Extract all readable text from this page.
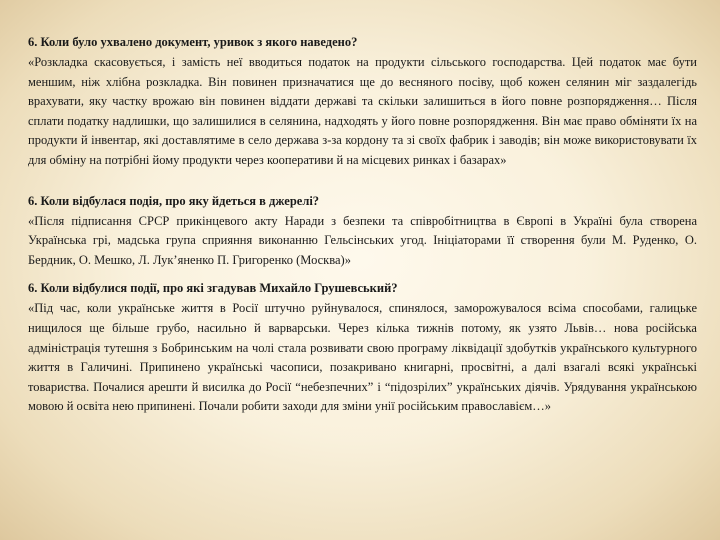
6. Коли було ухвалено документ, уривок з якого наведено?

«Розкладка скасовується, і замість неї вводиться податок на продукти сільського господарства. Цей податок має бути меншим, ніж хлібна розкладка. Він повинен призначатися ще до весняного посіву, щоб кожен селянин міг заздалегідь врахувати, яку частку врожаю він повинен віддати державі та скільки залишиться в його повне розпорядження… Після сплати податку надлишки, що залишилися в селянина, надходять у його повне розпорядження. Він має право обміняти їх на продукти й інвентар, які доставлятиме в село держава з-за кордону та зі своїх фабрик і заводів; він може використовувати їх для обміну на потрібні йому продукти через кооперативи й на місцевих ринках і базарах»

6. Коли відбулася подія, про яку йдеться в джерелі?

«Після підписання СРСР прикінцевого акту Наради з безпеки та співробітництва в Європі в Україні була створена Українська грі, мадська група сприяння виконанню Гельсінських угод. Ініціаторами її створення були М. Руденко, О. Бердник, О. Мешко, Л. Лук’яненко П. Григоренко (Москва)»

6. Коли відбулися події, про які згадував Михайло Грушевський?

«Під час, коли українське життя в Росії штучно руйнувалося, спинялося, заморожувалося всіма способами, галицьке нищилося ще більше грубо, насильно й варварськи. Через кілька тижнів потому, як узято Львів… нова російська адміністрація тутешня з Бобринським на чолі стала розвивати свою програму ліквідації здобутків українського культурного життя в Галичині. Припинено українські часописи, позакривано книгарні, просвітні, а далі взагалі всякі українські товариства. Почалися арешти й висилка до Росії “небезпечних” і “підозрілих” українських діячів. Урядування українською мовою й освіта нею припинені. Почали робити заходи для зміни унії російським православієм…»
